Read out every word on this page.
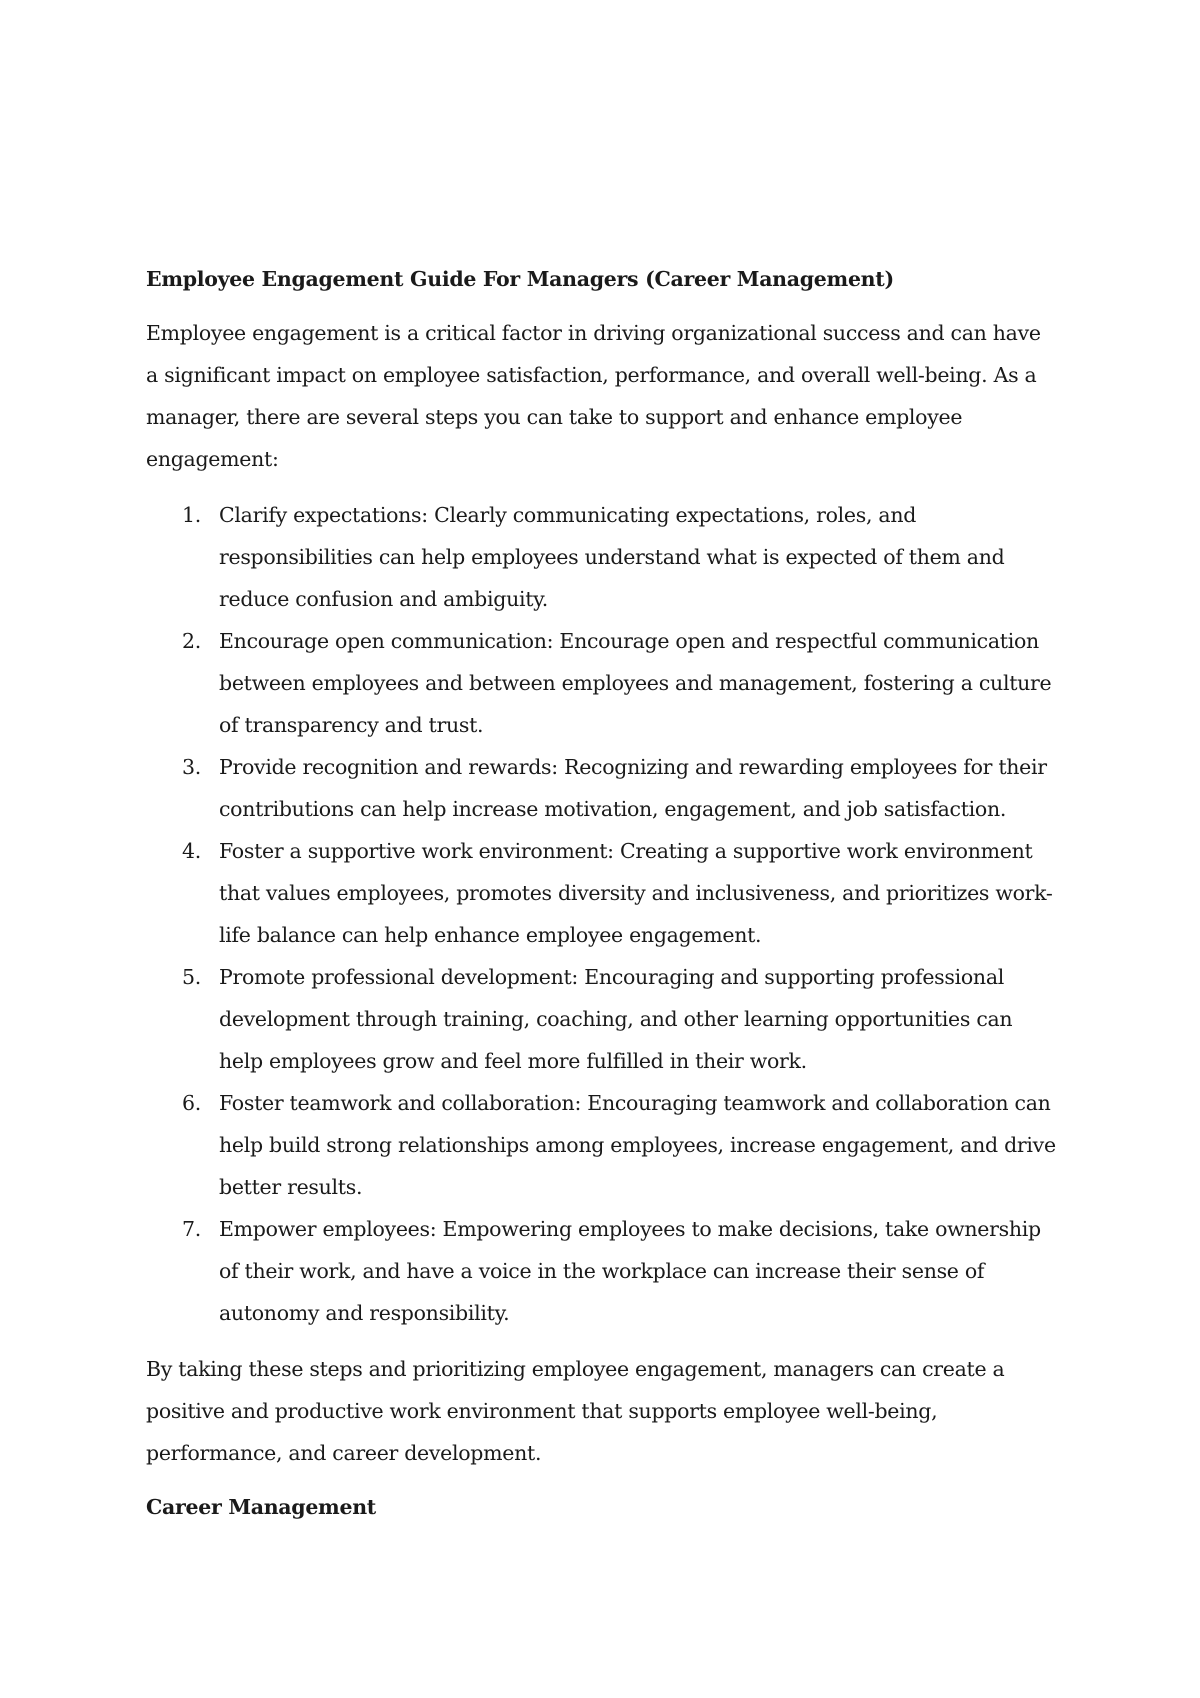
Employee Engagement Guide For Managers (Career Management)

Employee engagement is a critical factor in driving organizational success and can have a significant impact on employee satisfaction, performance, and overall well-being. As a manager, there are several steps you can take to support and enhance employee engagement:

1. Clarify expectations: Clearly communicating expectations, roles, and responsibilities can help employees understand what is expected of them and reduce confusion and ambiguity.
2. Encourage open communication: Encourage open and respectful communication between employees and between employees and management, fostering a culture of transparency and trust.
3. Provide recognition and rewards: Recognizing and rewarding employees for their contributions can help increase motivation, engagement, and job satisfaction.
4. Foster a supportive work environment: Creating a supportive work environment that values employees, promotes diversity and inclusiveness, and prioritizes work-life balance can help enhance employee engagement.
5. Promote professional development: Encouraging and supporting professional development through training, coaching, and other learning opportunities can help employees grow and feel more fulfilled in their work.
6. Foster teamwork and collaboration: Encouraging teamwork and collaboration can help build strong relationships among employees, increase engagement, and drive better results.
7. Empower employees: Empowering employees to make decisions, take ownership of their work, and have a voice in the workplace can increase their sense of autonomy and responsibility.

By taking these steps and prioritizing employee engagement, managers can create a positive and productive work environment that supports employee well-being, performance, and career development.

Career Management
